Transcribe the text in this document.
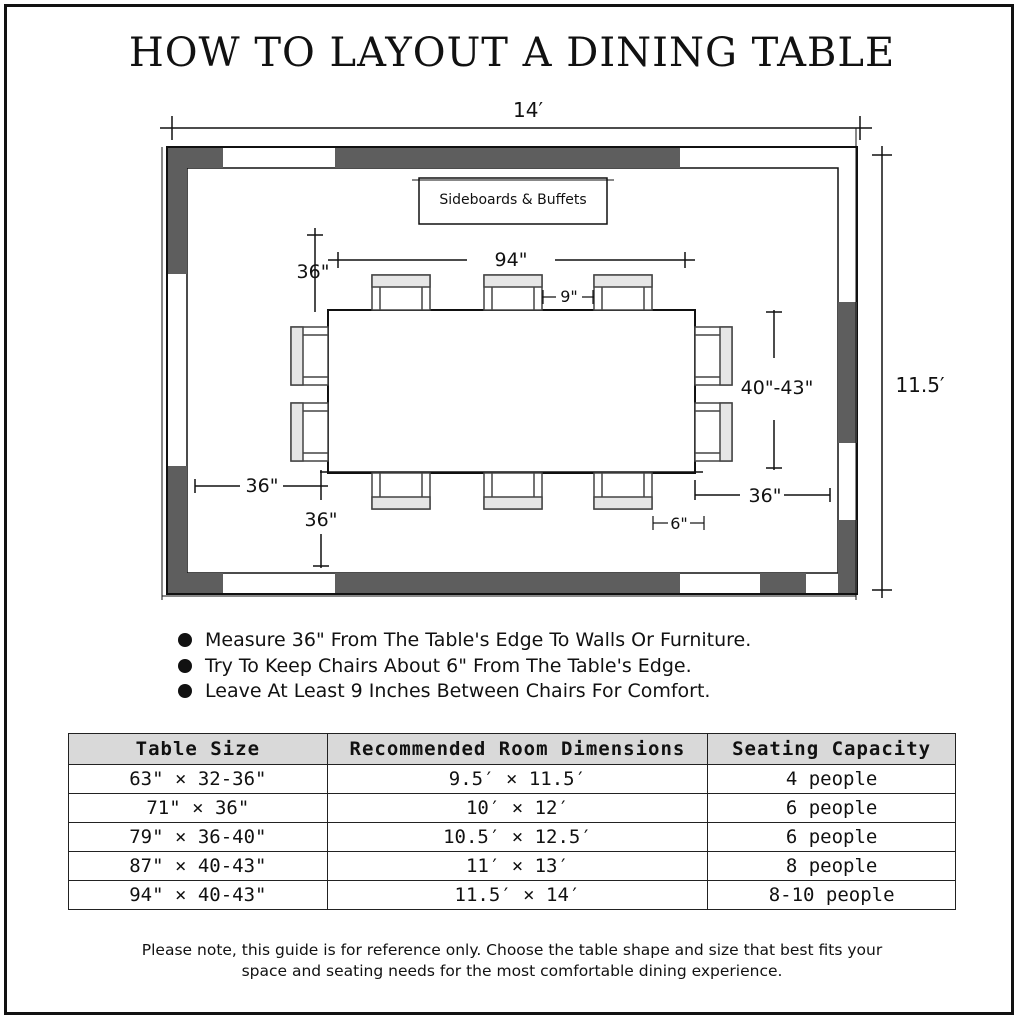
HOW TO LAYOUT A DINING TABLE
14′
11.5′
Sideboards & Buffets
94"
36"
9"
40"-43"
36"
36"
36"
6"
Measure 36" From The Table's Edge To Walls Or Furniture.
Try To Keep Chairs About 6" From The Table's Edge.
Leave At Least 9 Inches Between Chairs For Comfort.
Table Size	Recommended Room Dimensions	Seating Capacity
63" × 32-36"	9.5′ × 11.5′	4 people
71" × 36"	10′ × 12′	6 people
79" × 36-40"	10.5′ × 12.5′	6 people
87" × 40-43"	11′ × 13′	8 people
94" × 40-43"	11.5′ × 14′	8-10 people

Please note, this guide is for reference only. Choose the table shape and size that best fits your
space and seating needs for the most comfortable dining experience.
